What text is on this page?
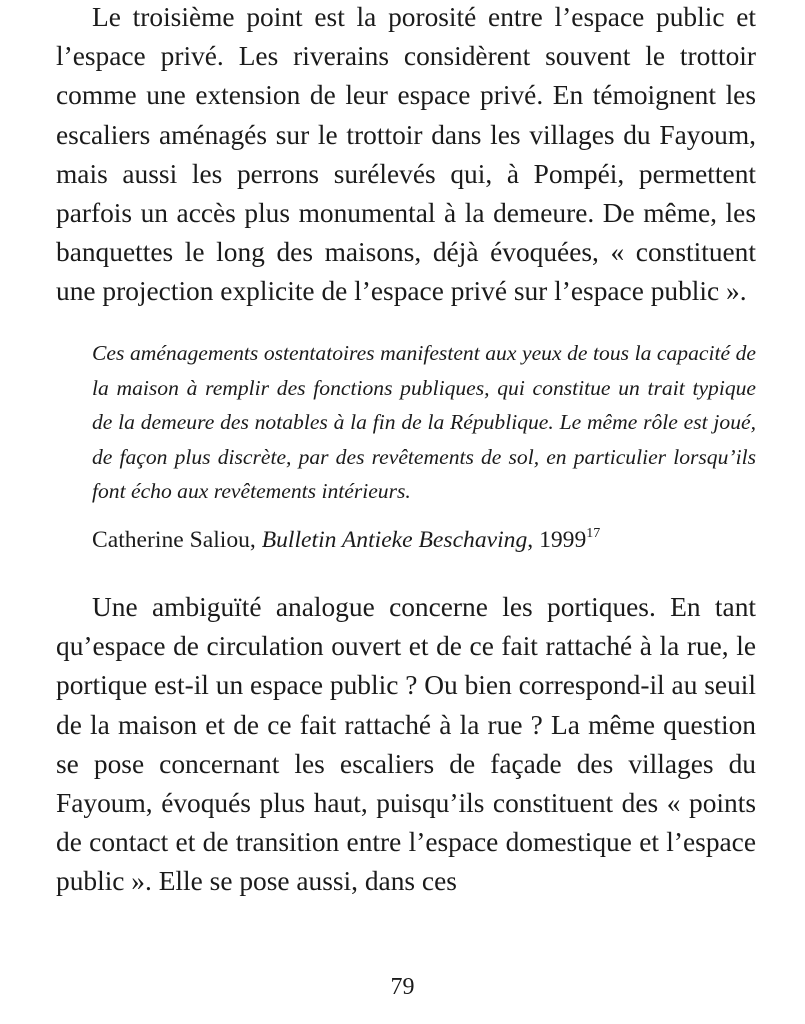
Le troisième point est la porosité entre l’espace public et l’espace privé. Les riverains considèrent souvent le trottoir comme une extension de leur espace privé. En témoignent les escaliers aménagés sur le trottoir dans les villages du Fayoum, mais aussi les perrons surélevés qui, à Pompéi, permettent parfois un accès plus monumental à la demeure. De même, les banquettes le long des maisons, déjà évoquées, « constituent une projection explicite de l’espace privé sur l’espace public ».

Ces aménagements ostentatoires manifestent aux yeux de tous la capacité de la maison à remplir des fonctions publiques, qui constitue un trait typique de la demeure des notables à la fin de la République. Le même rôle est joué, de façon plus discrète, par des revêtements de sol, en particulier lorsqu’ils font écho aux revêtements intérieurs.

Catherine Saliou, Bulletin Antieke Beschaving, 1999$^{17}$

Une ambiguïté analogue concerne les portiques. En tant qu’espace de circulation ouvert et de ce fait rattaché à la rue, le portique est-il un espace public ? Ou bien correspond-il au seuil de la maison et de ce fait rattaché à la rue ? La même question se pose concernant les escaliers de façade des villages du Fayoum, évoqués plus haut, puisqu’ils constituent des « points de contact et de transition entre l’espace domestique et l’espace public ». Elle se pose aussi, dans ces

79
